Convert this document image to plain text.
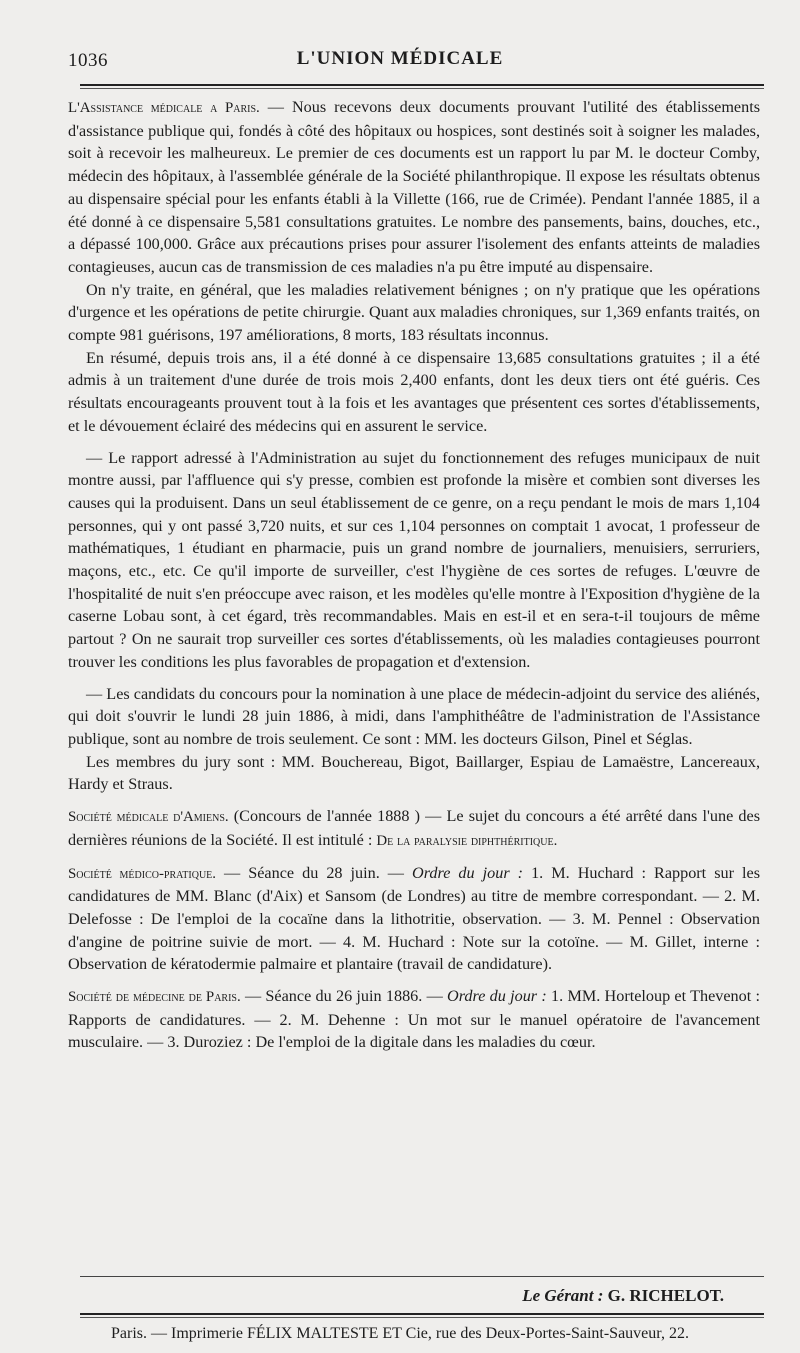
1036	L'UNION MÉDICALE

L'Assistance médicale a Paris. — Nous recevons deux documents prouvant l'utilité des établissements d'assistance publique qui, fondés à côté des hôpitaux ou hospices, sont destinés soit à soigner les malades, soit à recevoir les malheureux. Le premier de ces documents est un rapport lu par M. le docteur Comby, médecin des hôpitaux, à l'assemblée générale de la Société philanthropique. Il expose les résultats obtenus au dispensaire spécial pour les enfants établi à la Villette (166, rue de Crimée). Pendant l'année 1885, il a été donné à ce dispensaire 5,581 consultations gratuites. Le nombre des pansements, bains, douches, etc., a dépassé 100,000. Grâce aux précautions prises pour assurer l'isolement des enfants atteints de maladies contagieuses, aucun cas de transmission de ces maladies n'a pu être imputé au dispensaire.

On n'y traite, en général, que les maladies relativement bénignes ; on n'y pratique que les opérations d'urgence et les opérations de petite chirurgie. Quant aux maladies chroniques, sur 1,369 enfants traités, on compte 981 guérisons, 197 améliorations, 8 morts, 183 résultats inconnus.

En résumé, depuis trois ans, il a été donné à ce dispensaire 13,685 consultations gratuites ; il a été admis à un traitement d'une durée de trois mois 2,400 enfants, dont les deux tiers ont été guéris. Ces résultats encourageants prouvent tout à la fois et les avantages que présentent ces sortes d'établissements, et le dévouement éclairé des médecins qui en assurent le service.

— Le rapport adressé à l'Administration au sujet du fonctionnement des refuges municipaux de nuit montre aussi, par l'affluence qui s'y presse, combien est profonde la misère et combien sont diverses les causes qui la produisent. Dans un seul établissement de ce genre, on a reçu pendant le mois de mars 1,104 personnes, qui y ont passé 3,720 nuits, et sur ces 1,104 personnes on comptait 1 avocat, 1 professeur de mathématiques, 1 étudiant en pharmacie, puis un grand nombre de journaliers, menuisiers, serruriers, maçons, etc., etc. Ce qu'il importe de surveiller, c'est l'hygiène de ces sortes de refuges. L'œuvre de l'hospitalité de nuit s'en préoccupe avec raison, et les modèles qu'elle montre à l'Exposition d'hygiène de la caserne Lobau sont, à cet égard, très recommandables. Mais en est-il et en sera-t-il toujours de même partout ? On ne saurait trop surveiller ces sortes d'établissements, où les maladies contagieuses pourront trouver les conditions les plus favorables de propagation et d'extension.

— Les candidats du concours pour la nomination à une place de médecin-adjoint du service des aliénés, qui doit s'ouvrir le lundi 28 juin 1886, à midi, dans l'amphithéâtre de l'administration de l'Assistance publique, sont au nombre de trois seulement. Ce sont : MM. les docteurs Gilson, Pinel et Séglas.

Les membres du jury sont : MM. Bouchereau, Bigot, Baillarger, Espiau de Lamaëstre, Lancereaux, Hardy et Straus.

Société médicale d'Amiens. (Concours de l'année 1888 ) — Le sujet du concours a été arrêté dans l'une des dernières réunions de la Société. Il est intitulé : De la paralysie diphthéritique.

Société médico-pratique. — Séance du 28 juin. — Ordre du jour : 1. M. Huchard : Rapport sur les candidatures de MM. Blanc (d'Aix) et Sansom (de Londres) au titre de membre correspondant. — 2. M. Delefosse : De l'emploi de la cocaïne dans la lithotritie, observation. — 3. M. Pennel : Observation d'angine de poitrine suivie de mort. — 4. M. Huchard : Note sur la cotoïne. — M. Gillet, interne : Observation de kératodermie palmaire et plantaire (travail de candidature).

Société de médecine de Paris. — Séance du 26 juin 1886. — Ordre du jour : 1. MM. Horteloup et Thevenot : Rapports de candidatures. — 2. M. Dehenne : Un mot sur le manuel opératoire de l'avancement musculaire. — 3. Duroziez : De l'emploi de la digitale dans les maladies du cœur.

Le Gérant : G. RICHELOT.
Paris. — Imprimerie FÉLIX MALTESTE ET Cie, rue des Deux-Portes-Saint-Sauveur, 22.
